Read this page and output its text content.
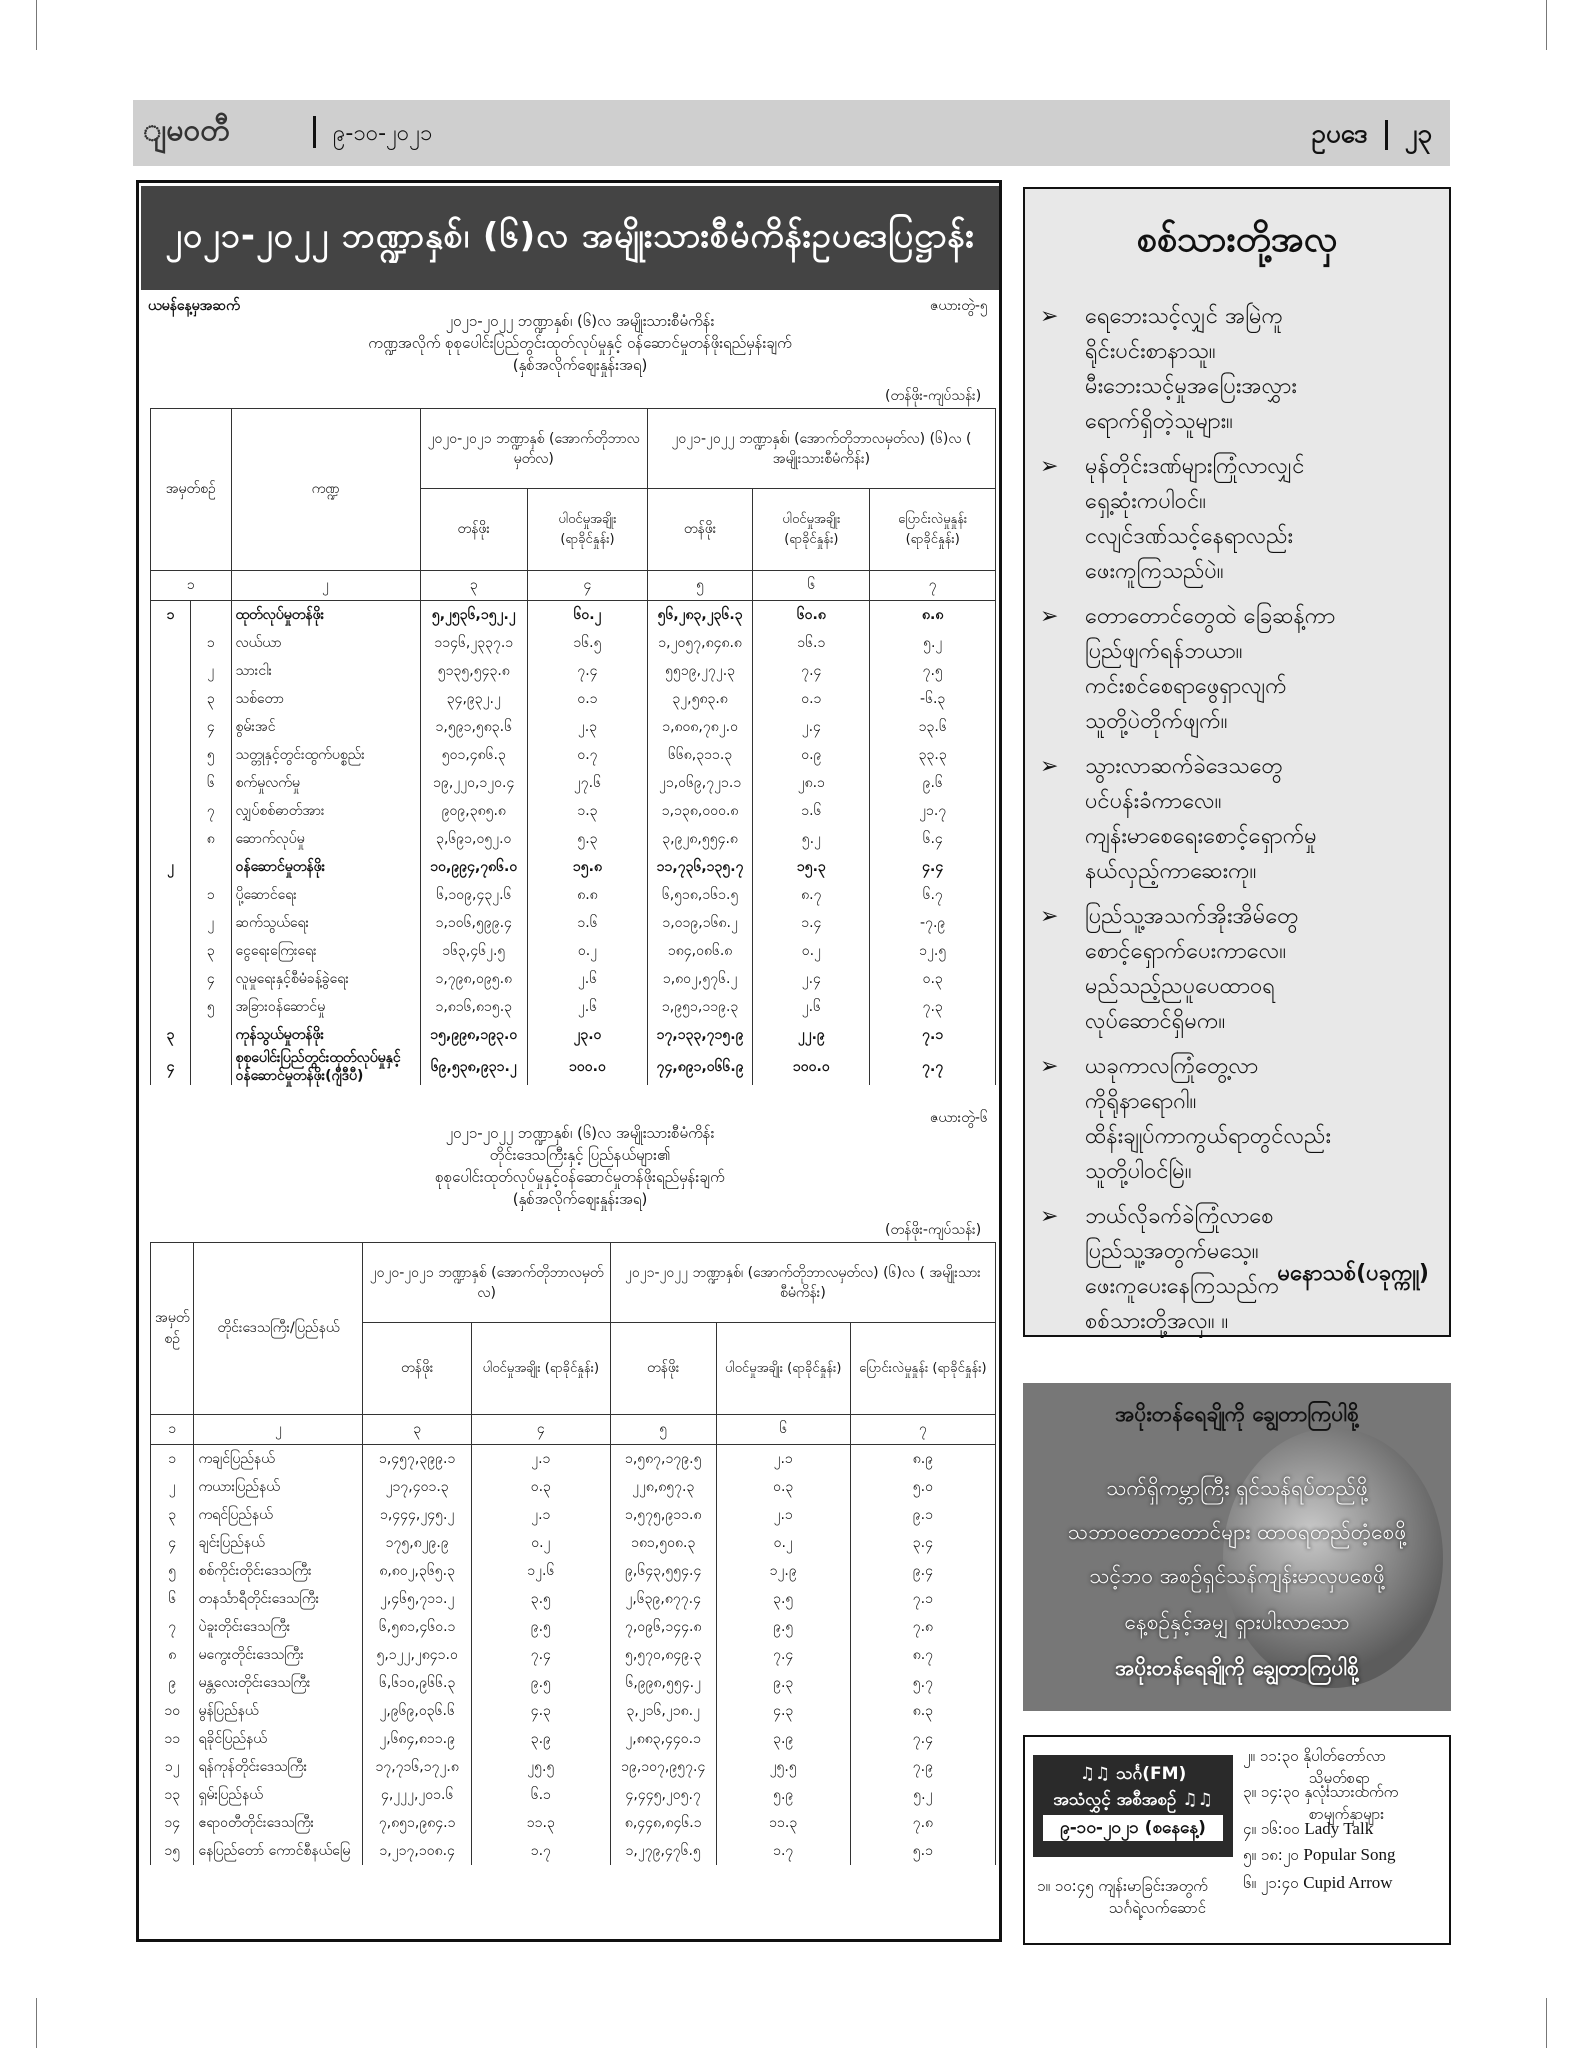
ျမဝတီ	၉-၁၀-၂၀၂၁	ဥပဒေ ၂၃
၂၀၂၁-၂၀၂၂ ဘဏ္ဍာနှစ်၊ (၆)လ အမျိုးသားစီမံကိန်းဥပဒေပြဋ္ဌာန်း
ယမန်နေ့မှအဆက်	ဇယားတွဲ-၅
၂၀၂၁-၂၀၂၂ ဘဏ္ဍာနှစ်၊ (၆)လ အမျိုးသားစီမံကိန်း
ကဏ္ဍအလိုက် စုစုပေါင်းပြည်တွင်းထုတ်လုပ်မှုနှင့် ဝန်ဆောင်မှုတန်ဖိုးရည်မှန်းချက်
(နှစ်အလိုက်ဈေးနှုန်းအရ)
(တန်ဖိုး-ကျပ်သန်း)
အမှတ်စဉ်		ကဏ္ဍ	၂၀၂၀-၂၀၂၁ ဘဏ္ဍာနှစ် (အောက်တိုဘာလမှတ်လ)		၂၀၂၁-၂၀၂၂ ဘဏ္ဍာနှစ်၊ (အောက်တိုဘာလမှတ်လ) (၆)လ ( အမျိုးသားစီမံကိန်း)		
			တန်ဖိုး	ပါဝင်မှုအချိုး (ရာခိုင်နှုန်း)	တန်ဖိုး	ပါဝင်မှုအချိုး (ရာခိုင်နှုန်း)	ပြောင်းလဲမှုနှုန်း (ရာခိုင်နှုန်း)
၁		၂	၃	၄	၅	၆	၇
၁		ထုတ်လုပ်မှုတန်ဖိုး	၅,၂၅၃၆,၁၅၂.၂	၆၀.၂	၅၆,၂၈၃,၂၃၆.၃	၆၀.၈	၈.၈
	၁	လယ်ယာ	၁၁၄၆,၂၃၃၇.၁	၁၆.၅	၁,၂၀၅၇,၈၄၈.၈	၁၆.၁	၅.၂
	၂	သားငါး	၅၁၃၅,၅၄၃.၈	၇.၄	၅၅၁၉,၂၇၂.၃	၇.၄	၇.၅
	၃	သစ်တော	၃၄,၉၃၂.၂	၀.၁	၃၂,၅၈၃.၈	၀.၁	-၆.၃
	၄	စွမ်းအင်	၁,၅၉၁,၅၈၃.၆	၂.၃	၁,၈၀၈,၇၈၂.၀	၂.၄	၁၃.၆
	၅	သတ္တုနှင့်တွင်းထွက်ပစ္စည်း	၅၀၁,၄၈၆.၃	၀.၇	၆၆၈,၃၁၁.၃	၀.၉	၃၃.၃
	၆	စက်မှုလက်မှု	၁၉,၂၂၀,၁၂၀.၄	၂၇.၆	၂၁,၀၆၉,၇၂၁.၁	၂၈.၁	၉.၆
	၇	လျှပ်စစ်ဓာတ်အား	၉၀၉,၃၈၅.၈	၁.၃	၁,၁၃၈,၀၀၀.၈	၁.၆	၂၁.၇
	၈	ဆောက်လုပ်မှု	၃,၆၉၁,၀၅၂.၀	၅.၃	၃,၉၂၈,၅၅၄.၈	၅.၂	၆.၄
၂		ဝန်ဆောင်မှုတန်ဖိုး	၁၀,၉၉၄,၇၈၆.၀	၁၅.၈	၁၁,၇၃၆,၁၃၅.၇	၁၅.၃	၄.၄
	၁	ပို့ဆောင်ရေး	၆,၁၀၉,၄၃၂.၆	၈.၈	၆,၅၁၈,၁၆၁.၅	၈.၇	၆.၇
	၂	ဆက်သွယ်ရေး	၁,၁၀၆,၅၉၉.၄	၁.၆	၁,၀၁၉,၁၆၈.၂	၁.၄	-၇.၉
	၃	ငွေရေးကြေးရေး	၁၆၃,၄၆၂.၅	၀.၂	၁၈၄,၀၈၆.၈	၀.၂	၁၂.၅
	၄	လူမှုရေးနှင့်စီမံခန့်ခွဲရေး	၁,၇၉၈,၀၉၅.၈	၂.၆	၁,၈၀၂,၅၇၆.၂	၂.၄	၀.၃
	၅	အခြားဝန်ဆောင်မှု	၁,၈၁၆,၈၁၅.၃	၂.၆	၁,၉၅၁,၁၁၉.၃	၂.၆	၇.၃
၃		ကုန်သွယ်မှုတန်ဖိုး	၁၅,၉၉၈,၁၉၃.၀	၂၃.၀	၁၇,၁၃၃,၇၁၅.၉	၂၂.၉	၇.၁
၄		စုစုပေါင်းပြည်တွင်းထုတ်လုပ်မှုနှင့် ဝန်ဆောင်မှုတန်ဖိုး(ဂျီဒီပီ)	၆၉,၅၃၈,၉၃၁.၂	၁၀၀.၀	၇၄,၈၉၁,၀၆၆.၉	၁၀၀.၀	၇.၇
ဇယားတွဲ-၆
၂၀၂၁-၂၀၂၂ ဘဏ္ဍာနှစ်၊ (၆)လ အမျိုးသားစီမံကိန်း
တိုင်းဒေသကြီးနှင့် ပြည်နယ်များ၏
စုစုပေါင်းထုတ်လုပ်မှုနှင့်ဝန်ဆောင်မှုတန်ဖိုးရည်မှန်းချက်
(နှစ်အလိုက်ဈေးနှုန်းအရ)
(တန်ဖိုး-ကျပ်သန်း)
အမှတ်စဉ်	တိုင်းဒေသကြီး/ပြည်နယ်	၂၀၂၀-၂၀၂၁ ဘဏ္ဍာနှစ် (အောက်တိုဘာလမှတ်လ)		၂၀၂၁-၂၀၂၂ ဘဏ္ဍာနှစ်၊ (အောက်တိုဘာလမှတ်လ) (၆)လ ( အမျိုးသားစီမံကိန်း)		
		တန်ဖိုး	ပါဝင်မှုအချိုး (ရာခိုင်နှုန်း)	တန်ဖိုး	ပါဝင်မှုအချိုး (ရာခိုင်နှုန်း)	ပြောင်းလဲမှုနှုန်း (ရာခိုင်နှုန်း)
၁	၂	၃	၄	၅	၆	၇
၁	ကချင်ပြည်နယ်	၁,၄၅၇,၃၉၉.၁	၂.၁	၁,၅၈၇,၁၇၉.၅	၂.၁	၈.၉
၂	ကယားပြည်နယ်	၂၁၇,၄၀၁.၃	၀.၃	၂၂၈,၈၅၇.၃	၀.၃	၅.၀
၃	ကရင်ပြည်နယ်	၁,၄၄၄,၂၄၅.၂	၂.၁	၁,၅၇၅,၉၁၁.၈	၂.၁	၉.၁
၄	ချင်းပြည်နယ်	၁၇၅,၈၂၉.၉	၀.၂	၁၈၁,၅၀၈.၃	၀.၂	၃.၄
၅	စစ်ကိုင်းတိုင်းဒေသကြီး	၈,၈၀၂,၃၆၅.၃	၁၂.၆	၉,၆၄၃,၅၅၄.၄	၁၂.၉	၉.၄
၆	တနင်္သာရီတိုင်းဒေသကြီး	၂,၄၆၅,၇၁၁.၂	၃.၅	၂,၆၃၉,၈၇၇.၄	၃.၅	၇.၁
၇	ပဲခူးတိုင်းဒေသကြီး	၆,၅၈၁,၄၆၀.၁	၉.၅	၇,၀၉၆,၁၄၄.၈	၉.၅	၇.၈
၈	မကွေးတိုင်းဒေသကြီး	၅,၁၂၂,၂၈၄၁.၀	၇.၄	၅,၅၇၀,၈၄၉.၃	၇.၄	၈.၇
၉	မန္တလေးတိုင်းဒေသကြီး	၆,၆၁၀,၉၆၆.၃	၉.၅	၆,၉၉၈,၅၅၄.၂	၉.၃	၅.၇
၁၀	မွန်ပြည်နယ်	၂,၉၆၉,၀၃၆.၆	၄.၃	၃,၂၁၆,၂၁၈.၂	၄.၃	၈.၃
၁၁	ရခိုင်ပြည်နယ်	၂,၆၈၄,၈၁၁.၉	၃.၉	၂,၈၈၃,၄၄၀.၁	၃.၉	၇.၄
၁၂	ရန်ကုန်တိုင်းဒေသကြီး	၁၇,၇၁၆,၁၇၂.၈	၂၅.၅	၁၉,၁၀၇,၉၅၇.၄	၂၅.၅	၇.၉
၁၃	ရှမ်းပြည်နယ်	၄,၂၂၂,၂၀၁.၆	၆.၁	၄,၄၄၅,၂၀၅.၇	၅.၉	၅.၂
၁၄	ဧရာဝတီတိုင်းဒေသကြီး	၇,၈၅၁,၉၈၄.၁	၁၁.၃	၈,၄၄၈,၈၄၆.၁	၁၁.၃	၇.၈
၁၅	နေပြည်တော် ကောင်စီနယ်မြေ	၁,၂၁၇,၁၀၈.၄	၁.၇	၁,၂၇၉,၄၇၆.၅	၁.၇	၅.၁
စစ်သားတို့အလှ
➢ ရေဘေးသင့်လျှင် အမြဲကူ
ရိုင်းပင်းစာနာသူ။
မီးဘေးသင့်မှုအပြေးအလွှား
ရောက်ရှိတဲ့သူများ။
➢ မုန်တိုင်းဒဏ်များကြုံလာလျှင်
ရှေ့ဆုံးကပါဝင်။
ငလျင်ဒဏ်သင့်နေရာလည်း
ဖေးကူကြသည်ပဲ။
➢ တောတောင်တွေထဲ ခြေဆန့်ကာ
ပြည်ဖျက်ရန်ဘယာ။
ကင်းစင်စေရာဖွေရှာလျက်
သူတို့ပဲတိုက်ဖျက်။
➢ သွားလာဆက်ခဲဒေသတွေ
ပင်ပန်းခံကာလေ။
ကျန်းမာစေရေးစောင့်ရှောက်မှု
နယ်လှည့်ကာဆေးကု။
➢ ပြည်သူ့အသက်အိုးအိမ်တွေ
စောင့်ရှောက်ပေးကာလေ။
မည်သည့်ညပူပေထာဝရ
လုပ်ဆောင်ရှိမက။
➢ ယခုကာလကြုံတွေ့လာ
ကိုရိုနာရောဂါ။
ထိန်းချုပ်ကာကွယ်ရာတွင်လည်း
သူတို့ပါဝင်မြဲ။
➢ ဘယ်လိုခက်ခဲကြုံလာစေ
ပြည်သူ့အတွက်မသေ့။
ဖေးကူပေးနေကြသည်က
စစ်သားတို့အလှ။ ။
မနောသစ်(ပခုက္ကူ)
အပိုးတန်ရေချိုကို ချွေတာကြပါစို့
သက်ရှိကမ္ဘာကြီး ရှင်သန်ရပ်တည်ဖို့
သဘာဝတောတောင်များ ထာဝရတည်တံ့စေဖို့
သင့်ဘဝ အစဉ်ရှင်သန်ကျန်းမာလှပစေဖို့
နေ့စဉ်နှင့်အမျှ ရှားပါးလာသော
အပိုးတန်ရေချိုကို ချွေတာကြပါစို့
♫♫ သင်္ဂ(FM)
အသံလွှင့် အစီအစဉ် ♫♫
၉-၁၀-၂၀၂၁ (စနေနေ့)
၁။ ၁၀:၄၅ ကျန်းမာခြင်းအတွက်
သင်္ဂရဲ့လက်ဆောင်
၂။ ၁၁:၃၀ နိုပါတ်တော်လာ
သိမှတ်စရာ
၃။ ၁၄:၃၀ နှလုံးသားထက်က
စာမျက်နှာများ
၄။ ၁၆:၀၀ Lady Talk
၅။ ၁၈:၂၀ Popular Song
၆။ ၂၁:၄၀ Cupid Arrow
